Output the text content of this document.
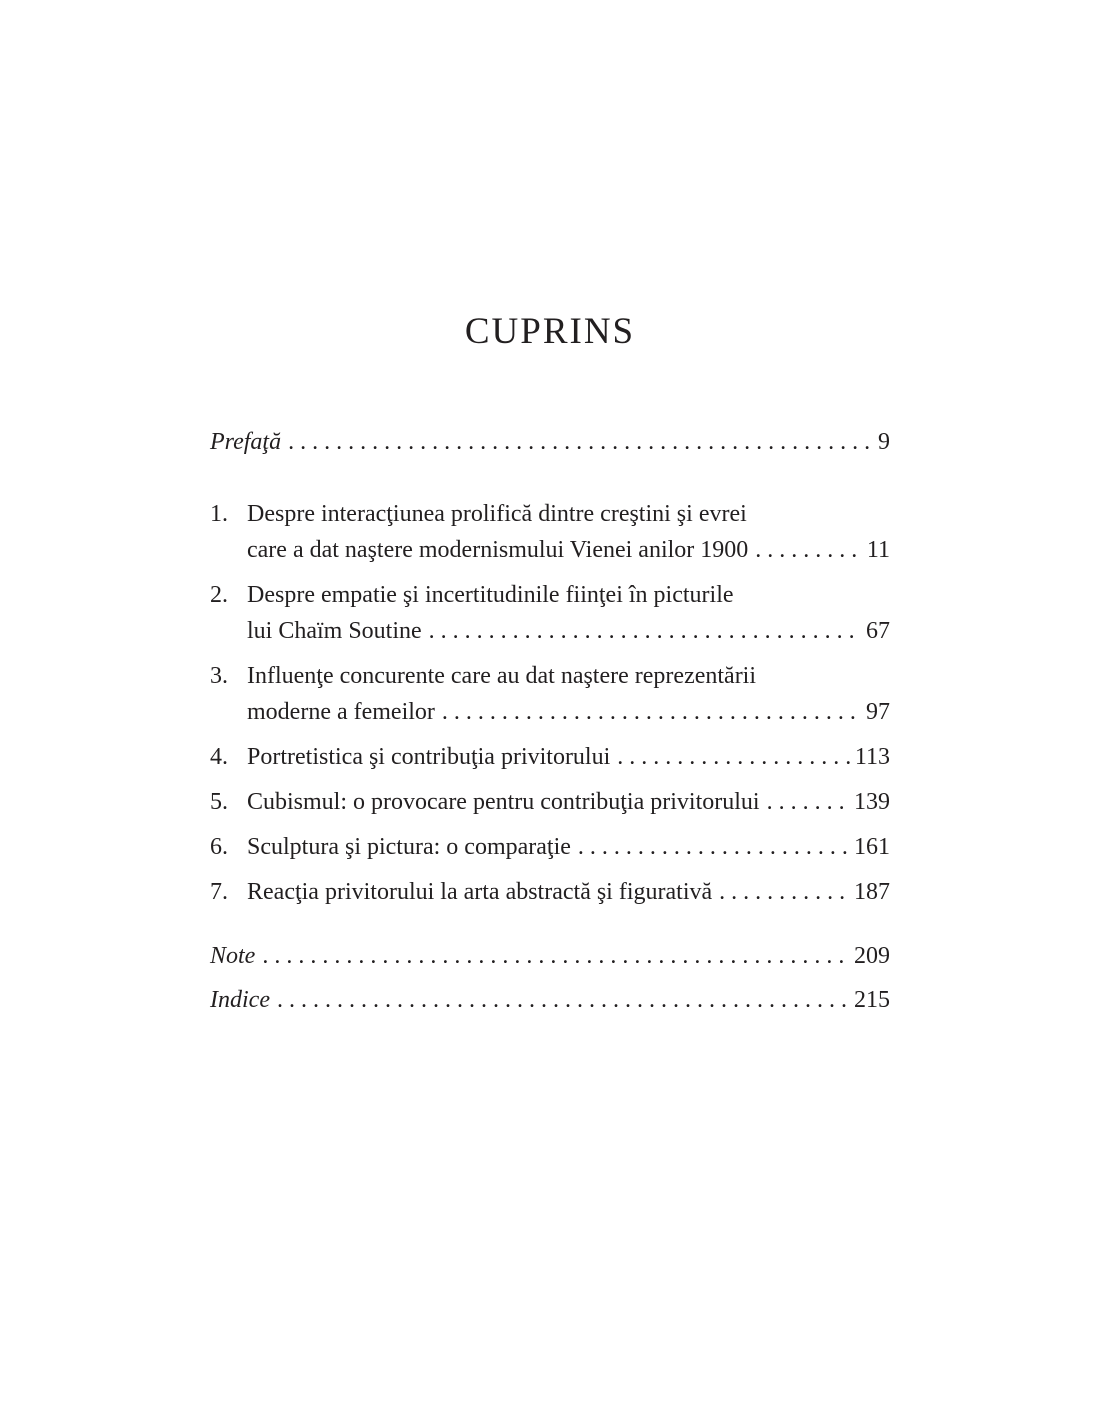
CUPRINS
Prefaţă . . .	9
1. Despre interacţiunea prolifică dintre creştini şi evrei
care a dat naştere modernismului Vienei anilor 1900 . . .	11
2. Despre empatie şi incertitudinile fiinţei în picturile
lui Chaïm Soutine . . .	67
3. Influenţe concurente care au dat naştere reprezentării
moderne a femeilor . . .	97
4. Portretistica şi contribuţia privitorului . . .	113
5. Cubismul: o provocare pentru contribuţia privitorului . . .	139
6. Sculptura şi pictura: o comparaţie . . .	161
7. Reacţia privitorului la arta abstractă şi figurativă . . .	187
Note . . .	209
Indice . . .	215
